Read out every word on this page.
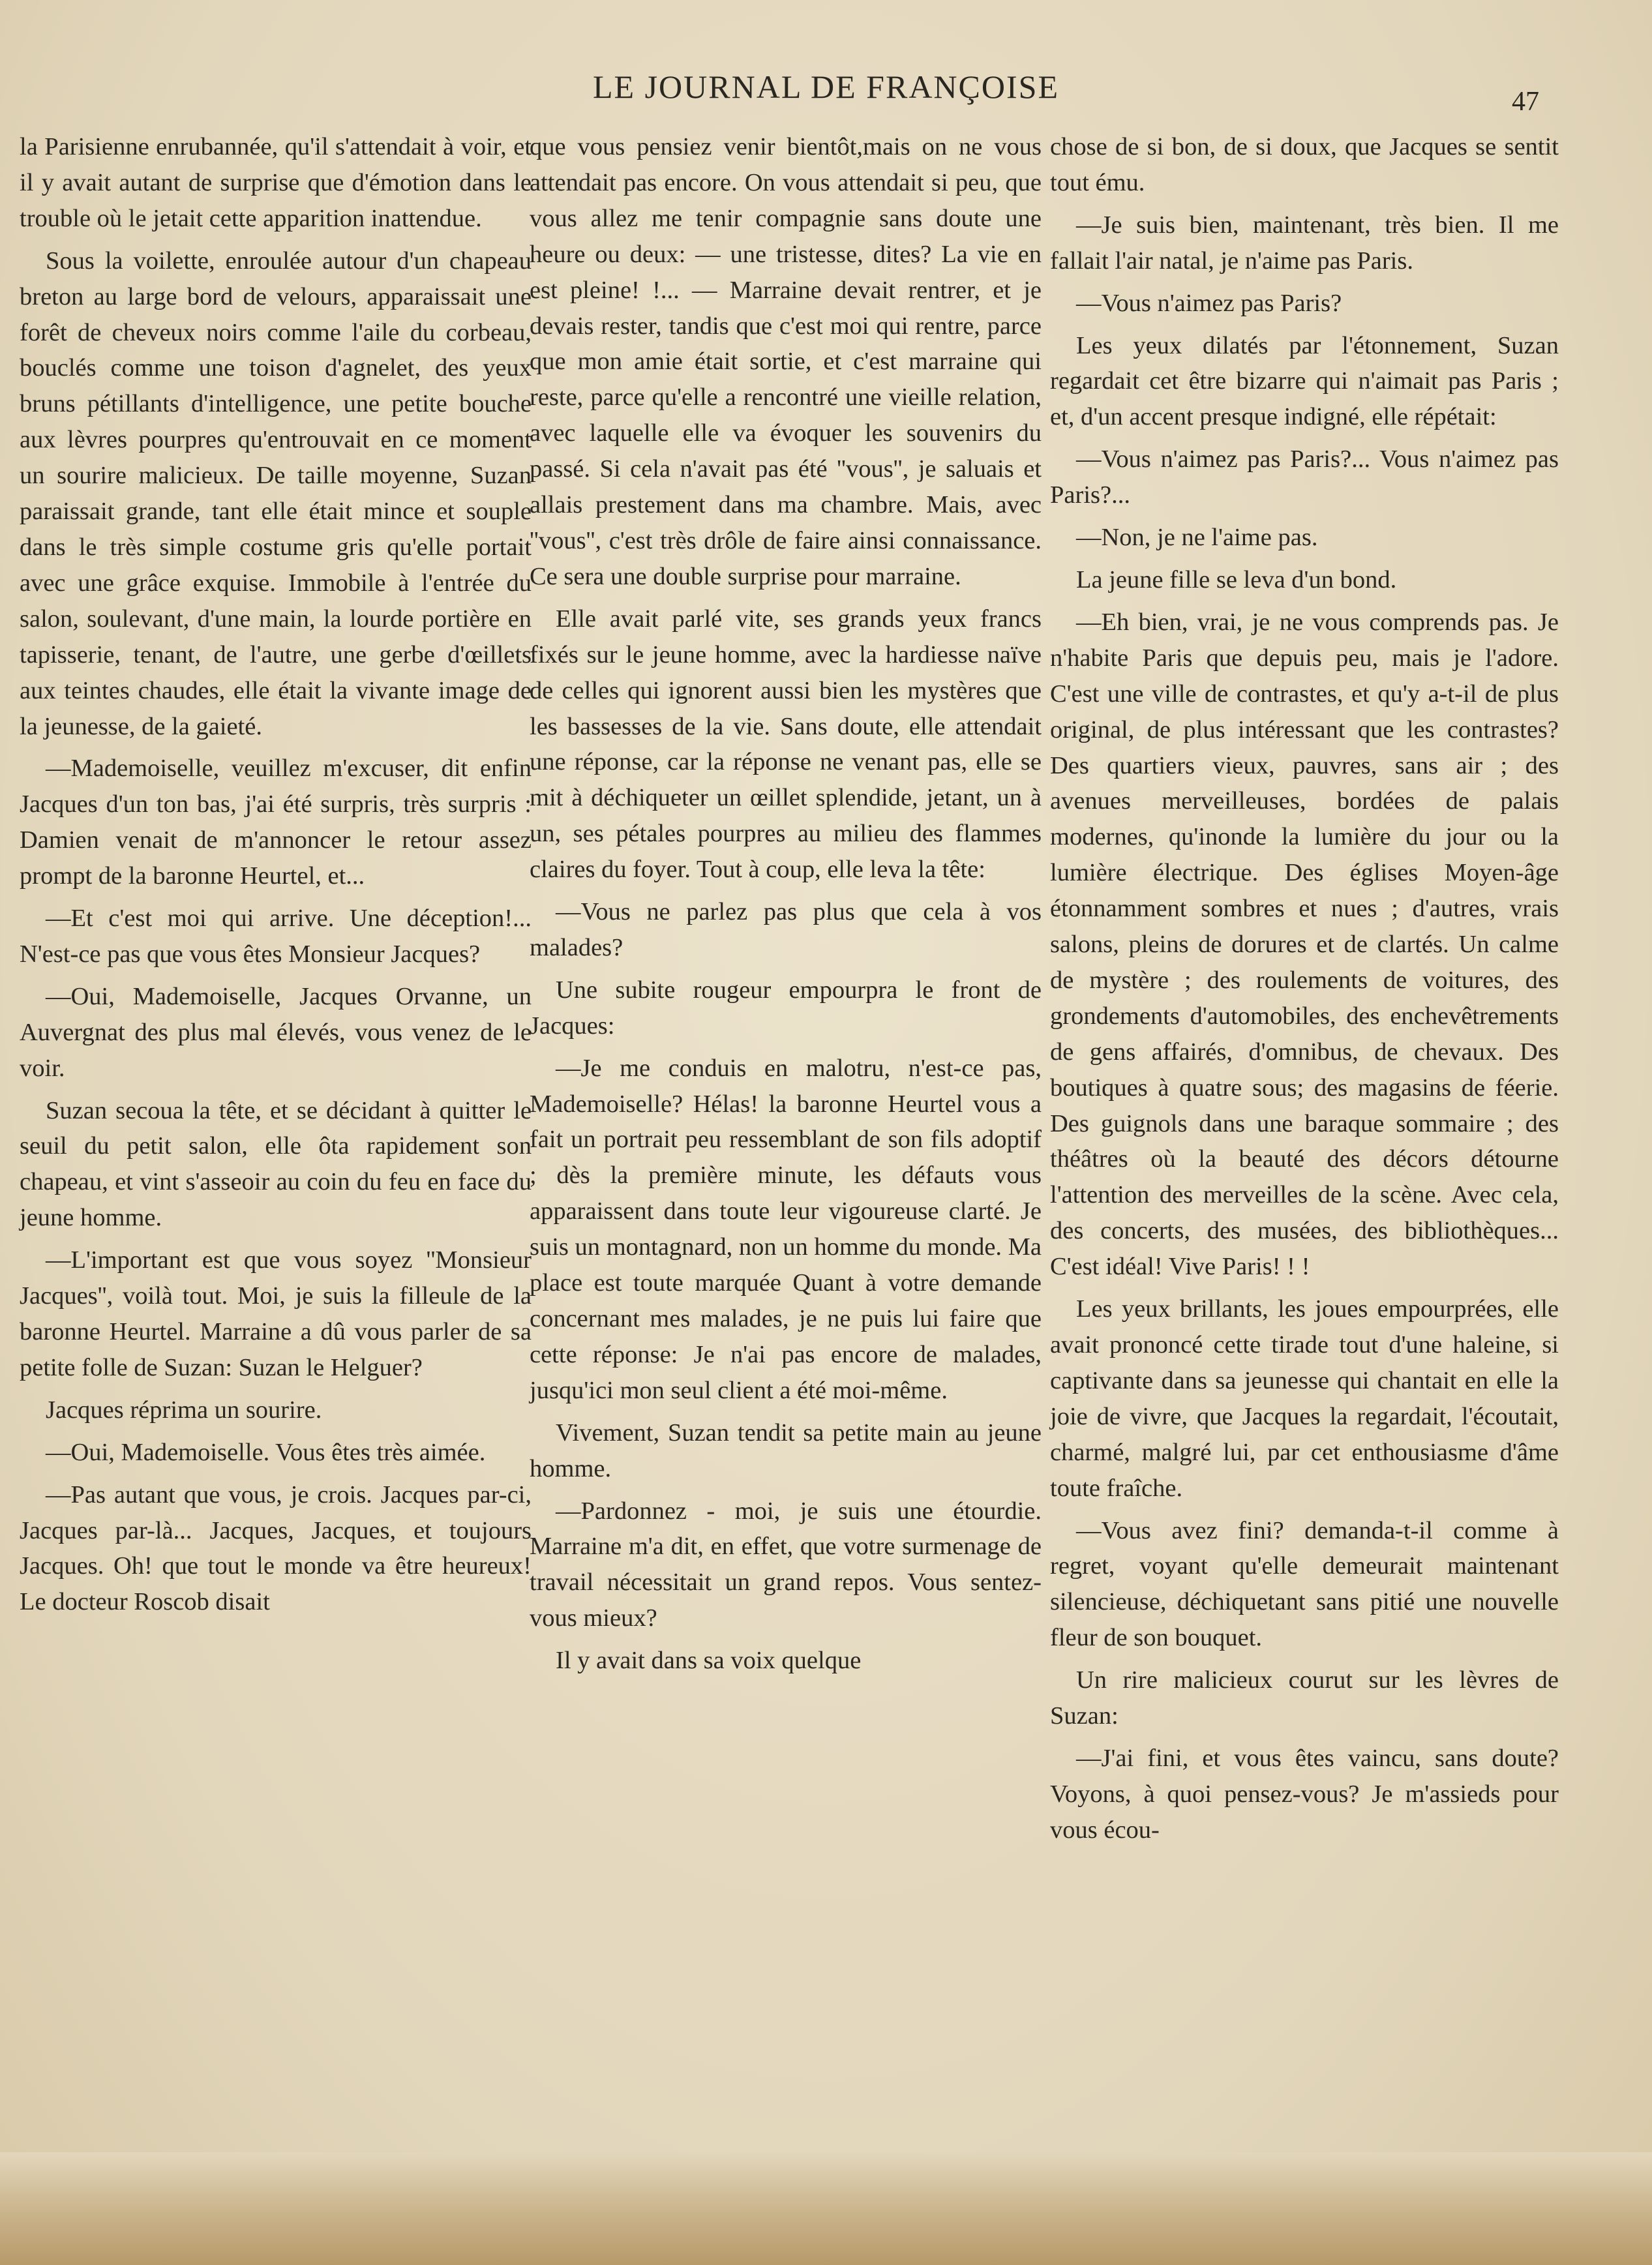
LE JOURNAL DE FRANÇOISE	47

la Parisienne enrubannée, qu'il s'attendait à voir, et il y avait autant de surprise que d'émotion dans le trouble où le jetait cette apparition inattendue.

Sous la voilette, enroulée autour d'un chapeau breton au large bord de velours, apparaissait une forêt de cheveux noirs comme l'aile du corbeau, bouclés comme une toison d'agnelet, des yeux bruns pétillants d'intelligence, une petite bouche aux lèvres pourpres qu'entrouvait en ce moment un sourire malicieux. De taille moyenne, Suzan paraissait grande, tant elle était mince et souple dans le très simple costume gris qu'elle portait avec une grâce exquise. Immobile à l'entrée du salon, soulevant, d'une main, la lourde portière en tapisserie, tenant, de l'autre, une gerbe d'œillets aux teintes chaudes, elle était la vivante image de la jeunesse, de la gaieté.

—Mademoiselle, veuillez m'excuser, dit enfin Jacques d'un ton bas, j'ai été surpris, très surpris : Damien venait de m'annoncer le retour assez prompt de la baronne Heurtel, et...

—Et c'est moi qui arrive. Une déception!... N'est-ce pas que vous êtes Monsieur Jacques?

—Oui, Mademoiselle, Jacques Orvanne, un Auvergnat des plus mal élevés, vous venez de le voir.

Suzan secoua la tête, et se décidant à quitter le seuil du petit salon, elle ôta rapidement son chapeau, et vint s'asseoir au coin du feu en face du jeune homme.

—L'important est que vous soyez ''Monsieur Jacques'', voilà tout. Moi, je suis la filleule de la baronne Heurtel. Marraine a dû vous parler de sa petite folle de Suzan: Suzan le Helguer?

Jacques réprima un sourire.

—Oui, Mademoiselle. Vous êtes très aimée.

—Pas autant que vous, je crois. Jacques par-ci, Jacques par-là... Jacques, Jacques, et toujours Jacques. Oh! que tout le monde va être heureux! Le docteur Roscob disait

que vous pensiez venir bientôt,mais on ne vous attendait pas encore. On vous attendait si peu, que vous allez me tenir compagnie sans doute une heure ou deux: — une tristesse, dites? La vie en est pleine! !... — Marraine devait rentrer, et je devais rester, tandis que c'est moi qui rentre, parce que mon amie était sortie, et c'est marraine qui reste, parce qu'elle a rencontré une vieille relation, avec laquelle elle va évoquer les souvenirs du passé. Si cela n'avait pas été ''vous'', je saluais et allais prestement dans ma chambre. Mais, avec ''vous'', c'est très drôle de faire ainsi connaissance. Ce sera une double surprise pour marraine.

Elle avait parlé vite, ses grands yeux francs fixés sur le jeune homme, avec la hardiesse naïve de celles qui ignorent aussi bien les mystères que les bassesses de la vie. Sans doute, elle attendait une réponse, car la réponse ne venant pas, elle se mit à déchiqueter un œillet splendide, jetant, un à un, ses pétales pourpres au milieu des flammes claires du foyer. Tout à coup, elle leva la tête:

—Vous ne parlez pas plus que cela à vos malades?

Une subite rougeur empourpra le front de Jacques:

—Je me conduis en malotru, n'est-ce pas, Mademoiselle? Hélas! la baronne Heurtel vous a fait un portrait peu ressemblant de son fils adoptif ; dès la première minute, les défauts vous apparaissent dans toute leur vigoureuse clarté. Je suis un montagnard, non un homme du monde. Ma place est toute marquée Quant à votre demande concernant mes malades, je ne puis lui faire que cette réponse: Je n'ai pas encore de malades, jusqu'ici mon seul client a été moi-même.

Vivement, Suzan tendit sa petite main au jeune homme.

—Pardonnez - moi, je suis une étourdie. Marraine m'a dit, en effet, que votre surmenage de travail nécessitait un grand repos. Vous sentez-vous mieux?

Il y avait dans sa voix quelque

chose de si bon, de si doux, que Jacques se sentit tout ému.

—Je suis bien, maintenant, très bien. Il me fallait l'air natal, je n'aime pas Paris.

—Vous n'aimez pas Paris?

Les yeux dilatés par l'étonnement, Suzan regardait cet être bizarre qui n'aimait pas Paris ; et, d'un accent presque indigné, elle répétait:

—Vous n'aimez pas Paris?... Vous n'aimez pas Paris?...

—Non, je ne l'aime pas.

La jeune fille se leva d'un bond.

—Eh bien, vrai, je ne vous comprends pas. Je n'habite Paris que depuis peu, mais je l'adore. C'est une ville de contrastes, et qu'y a-t-il de plus original, de plus intéressant que les contrastes? Des quartiers vieux, pauvres, sans air ; des avenues merveilleuses, bordées de palais modernes, qu'inonde la lumière du jour ou la lumière électrique. Des églises Moyen-âge étonnamment sombres et nues ; d'autres, vrais salons, pleins de dorures et de clartés. Un calme de mystère ; des roulements de voitures, des grondements d'automobiles, des enchevêtrements de gens affairés, d'omnibus, de chevaux. Des boutiques à quatre sous; des magasins de féerie. Des guignols dans une baraque sommaire ; des théâtres où la beauté des décors détourne l'attention des merveilles de la scène. Avec cela, des concerts, des musées, des bibliothèques... C'est idéal! Vive Paris! ! !

Les yeux brillants, les joues empourprées, elle avait prononcé cette tirade tout d'une haleine, si captivante dans sa jeunesse qui chantait en elle la joie de vivre, que Jacques la regardait, l'écoutait, charmé, malgré lui, par cet enthousiasme d'âme toute fraîche.

—Vous avez fini? demanda-t-il comme à regret, voyant qu'elle demeurait maintenant silencieuse, déchiquetant sans pitié une nouvelle fleur de son bouquet.

Un rire malicieux courut sur les lèvres de Suzan:

—J'ai fini, et vous êtes vaincu, sans doute? Voyons, à quoi pensez-vous? Je m'assieds pour vous écou-
